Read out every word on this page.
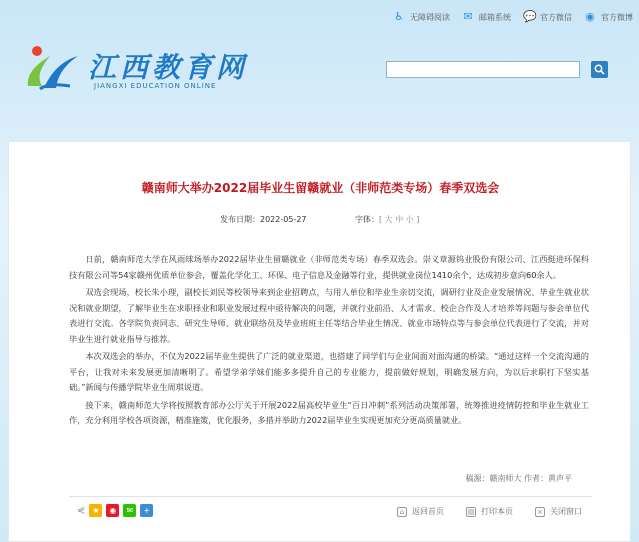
♿ 无障碍阅读 ✉ 邮箱系统 💬 官方微信 ◉ 官方微博
江西教育网
JIANGXI EDUCATION ONLINE
赣南师大举办2022届毕业生留赣就业（非师范类专场）春季双选会
发布日期：2022-05-27	字体：[ 大 中 小 ]

日前，赣南师范大学在风雨球场举办2022届毕业生留赣就业（非师范类专场）春季双选会。崇义章源钨业股份有限公司、江西挺进环保科技有限公司等54家赣州优质单位参会，覆盖化学化工、环保、电子信息及金融等行业，提供就业岗位1410余个，达成初步意向60余人。

双选会现场，校长朱小理，副校长刘民等校领导来到企业招聘点，与用人单位和毕业生亲切交流，调研行业及企业发展情况、毕业生就业状况和就业期望，了解毕业生在求职择业和职业发展过程中亟待解决的问题，并就行业前沿、人才需求、校企合作及人才培养等问题与参会单位代表进行交流。各学院负责同志、研究生导师、就业联络员及毕业班班主任等结合毕业生情况、就业市场特点等与参会单位代表进行了交流，并对毕业生进行就业指导与推荐。

本次双选会的举办，不仅为2022届毕业生提供了广泛的就业渠道，也搭建了同学们与企业间面对面沟通的桥梁。“通过这样一个交流沟通的平台，让我对未来发展更加清晰明了。希望学弟学妹们能多多提升自己的专业能力，提前做好规划，明确发展方向，为以后求职打下坚实基础。”新闻与传播学院毕业生周琪说道。

接下来，赣南师范大学将按照教育部办公厅关于开展2022届高校毕业生“百日冲刺”系列活动决策部署，统筹推进疫情防控和毕业生就业工作，充分利用学校各项资源，精准施策，优化服务，多措并举助力2022届毕业生实现更加充分更高质量就业。

稿源：赣南师大 作者：黄声平
⋞ ★	◉	✉	+	⌂ 返回首页	▤ 打印本页	× 关闭窗口
